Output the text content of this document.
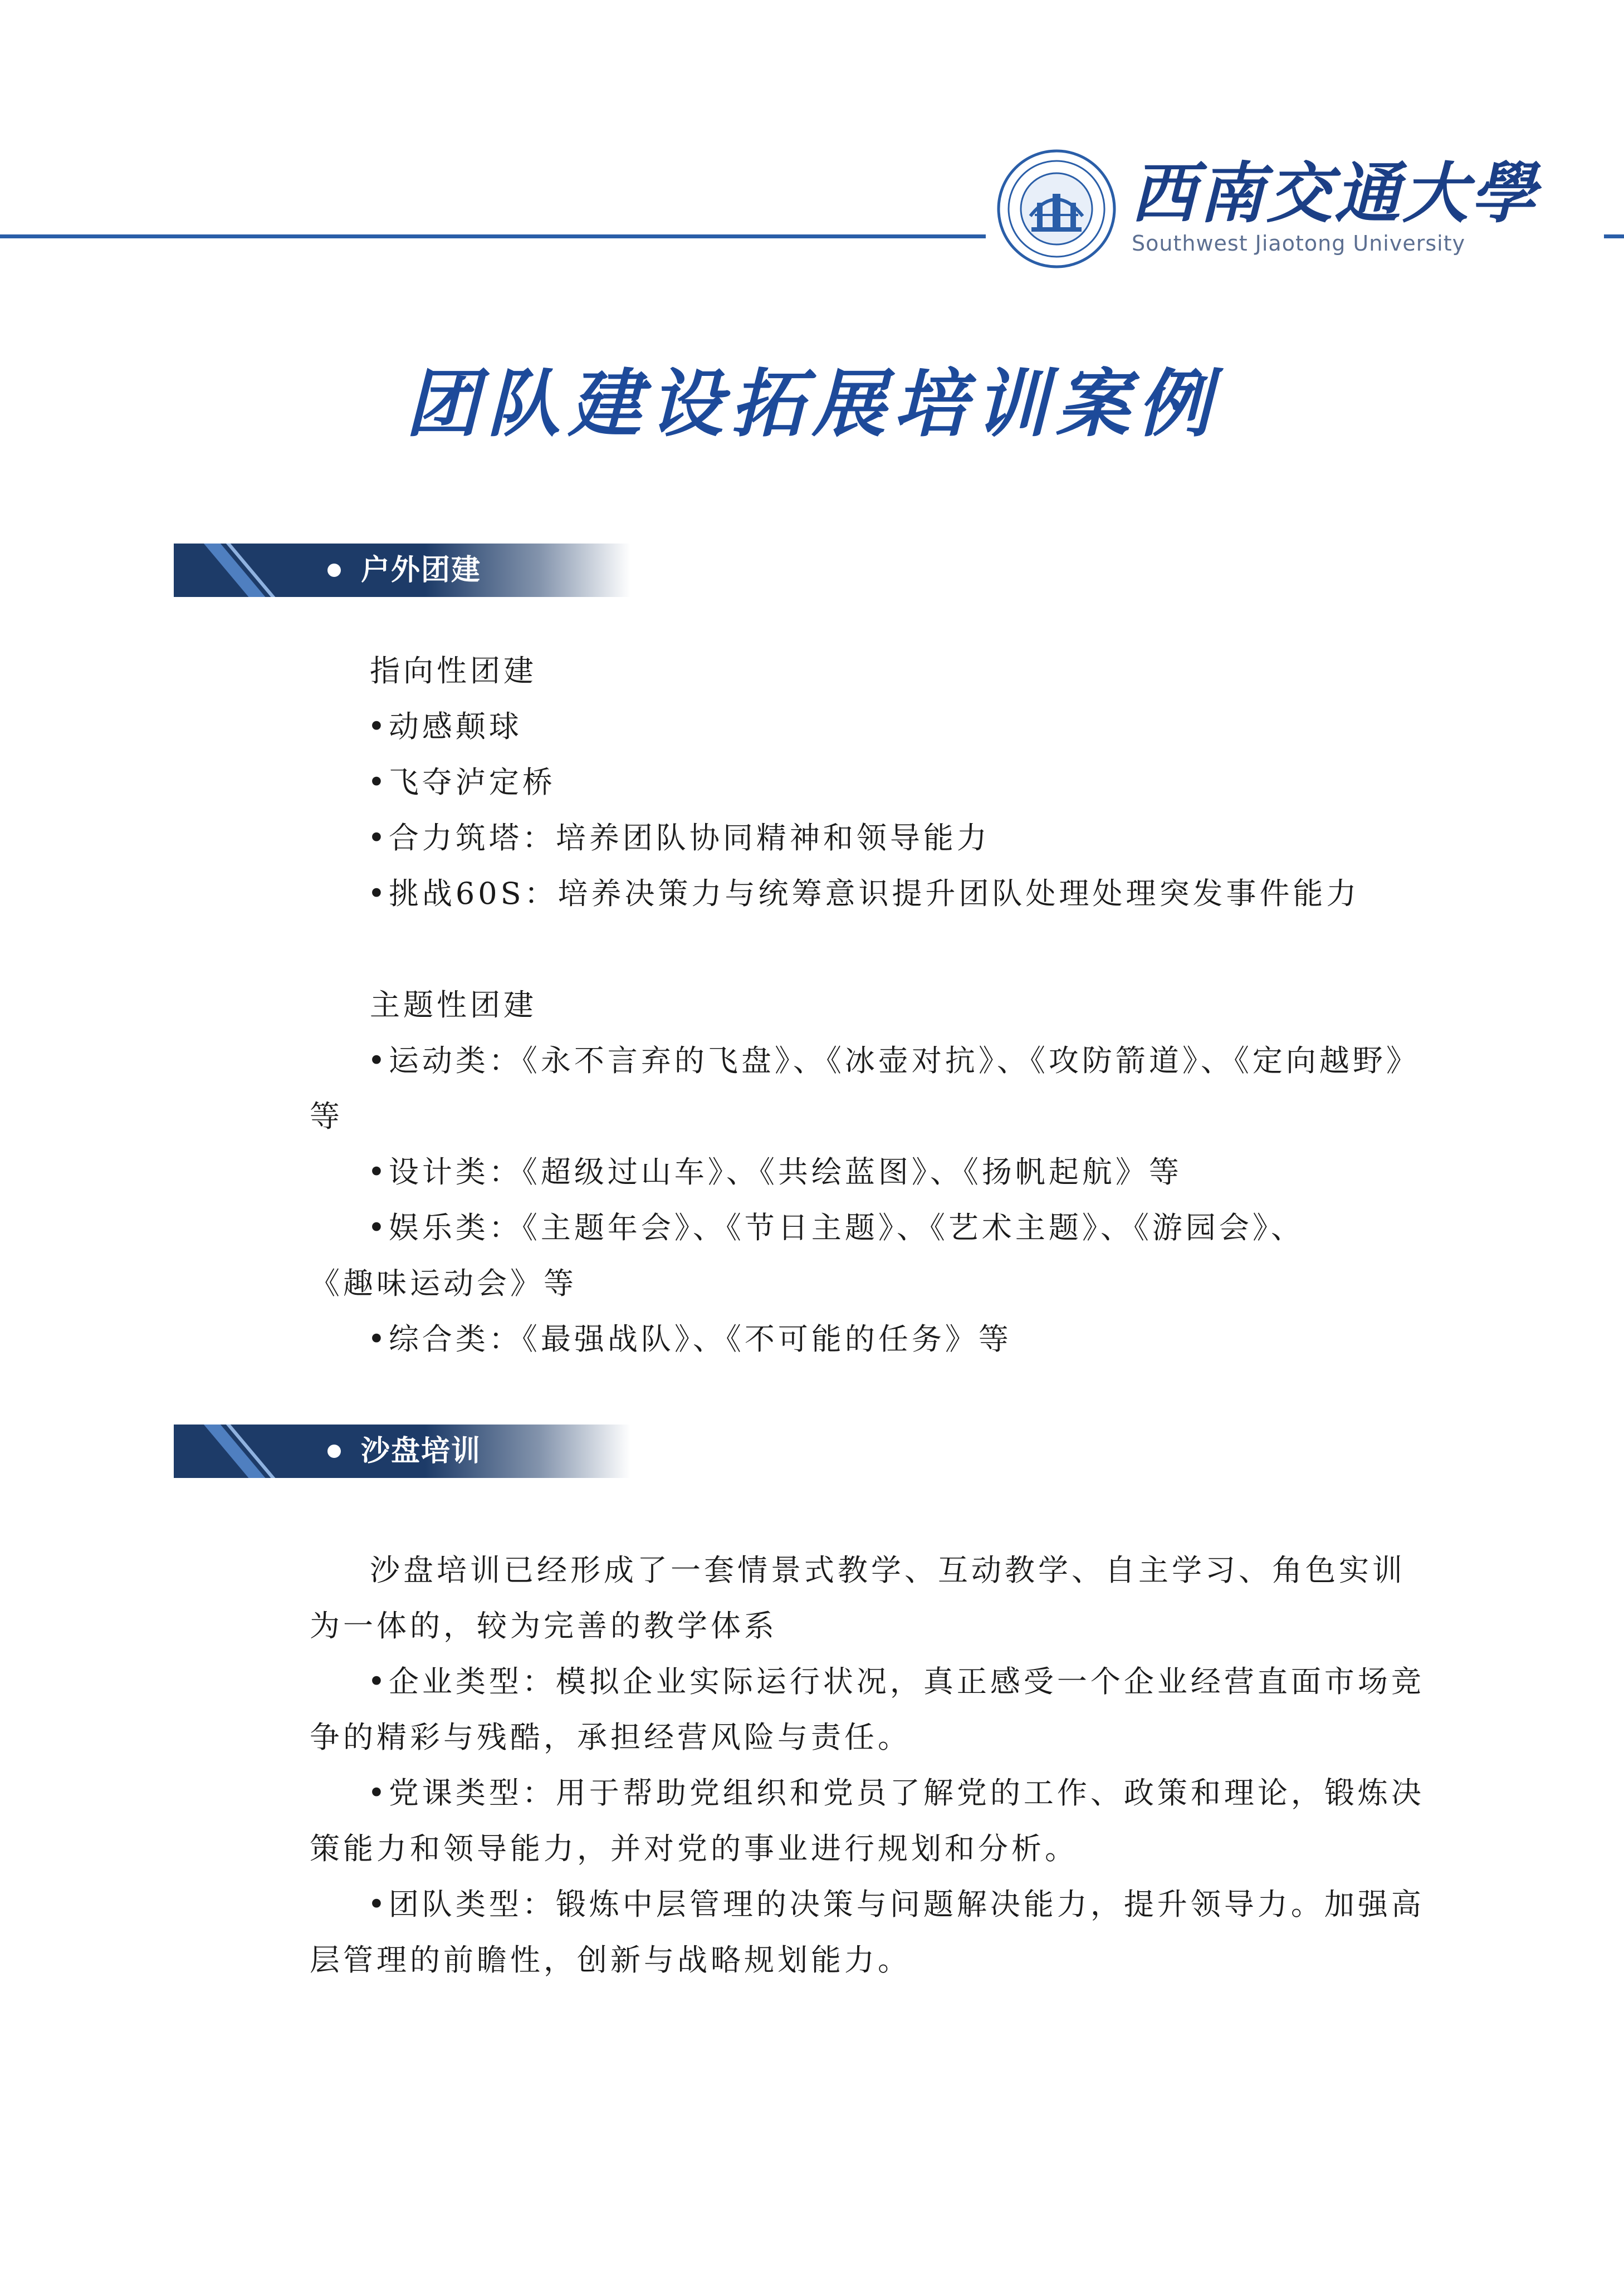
西南交通大學
Southwest Jiaotong University
团队建设拓展培训案例
户外团建
指向性团建
•动感颠球
•飞夺泸定桥
•合力筑塔：培养团队协同精神和领导能力
•挑战60S：培养决策力与统筹意识提升团队处理处理突发事件能力
主题性团建
•运动类：《永不言弃的飞盘》、《冰壶对抗》、《攻防箭道》、《定向越野》
等
•设计类：《超级过山车》、《共绘蓝图》、《扬帆起航》等
•娱乐类：《主题年会》、《节日主题》、《艺术主题》、《游园会》、
《趣味运动会》等
•综合类：《最强战队》、《不可能的任务》等
沙盘培训
沙盘培训已经形成了一套情景式教学、互动教学、自主学习、角色实训
为一体的，较为完善的教学体系
•企业类型：模拟企业实际运行状况，真正感受一个企业经营直面市场竞
争的精彩与残酷，承担经营风险与责任。
•党课类型：用于帮助党组织和党员了解党的工作、政策和理论，锻炼决
策能力和领导能力，并对党的事业进行规划和分析。
•团队类型：锻炼中层管理的决策与问题解决能力，提升领导力。加强高
层管理的前瞻性，创新与战略规划能力。
